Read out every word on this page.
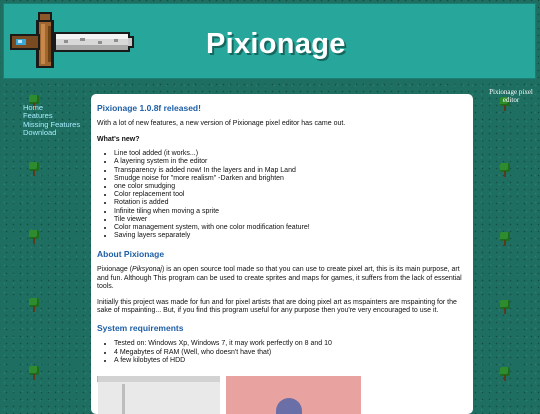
Pixionage
Home
Features
Missing Features
Download
Pixionage pixel editor
Pixionage 1.0.8f released!

With a lot of new features, a new version of Pixionage pixel editor has came out.

What's new?
• Line tool added (it works...)
• A layering system in the editor
• Transparency is added now! In the layers and in Map Land
• Smudge noise for "more realism" -Darken and brighten
• one color smudging
• Color replacement tool
• Rotation is added
• Infinite tiling when moving a sprite
• Tile viewer
• Color management system, with one color modification feature!
• Saving layers separately
About Pixionage

Pixionage (Piksyonaj) is an open source tool made so that you can use to create pixel art, this is its main purpose, art and fun. Although This program can be used to create sprites and maps for games, it suffers from the lack of essential tools.

Initially this project was made for fun and for pixel artists that are doing pixel art as mspainters are mspainting for the sake of mspainting... But, if you find this program useful for any purpose then you're very encouraged to use it.

System requirements
• Tested on: Windows Xp, Windows 7, it may work perfectly on 8 and 10
• 4 Megabytes of RAM (Well, who doesn't have that)
• A few kilobytes of HDD
